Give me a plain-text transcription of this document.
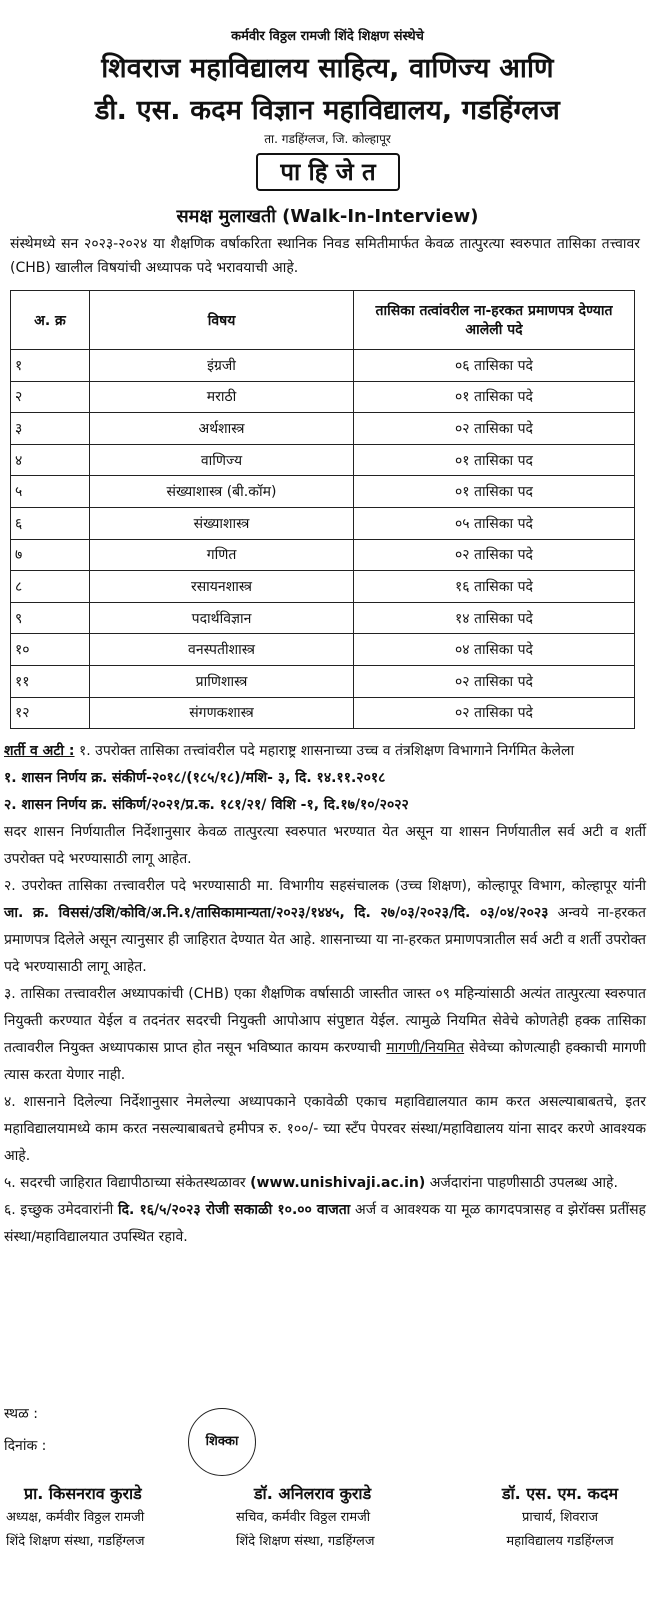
कर्मवीर विठ्ठल रामजी शिंदे शिक्षण संस्थेचे
शिवराज महाविद्यालय साहित्य, वाणिज्य आणि
डी. एस. कदम विज्ञान महाविद्यालय, गडहिंग्लज
ता. गडहिंग्लज, जि. कोल्हापूर
पा हि जे त
समक्ष मुलाखती (Walk-In-Interview)
संस्थेमध्ये सन २०२३-२०२४ या शैक्षणिक वर्षाकरिता स्थानिक निवड समितीमार्फत केवळ तात्पुरत्या स्वरुपात तासिका तत्त्वावर (CHB) खालील विषयांची अध्यापक पदे भरावयाची आहे.
अ. क्र	विषय	तासिका तत्वांवरील ना-हरकत प्रमाणपत्र देण्यात आलेली पदे
१	इंग्रजी	०६ तासिका पदे
२	मराठी	०१ तासिका पदे
३	अर्थशास्त्र	०२ तासिका पदे
४	वाणिज्य	०१ तासिका पद
५	संख्याशास्त्र (बी.कॉम)	०१ तासिका पद
६	संख्याशास्त्र	०५ तासिका पदे
७	गणित	०२ तासिका पदे
८	रसायनशास्त्र	१६ तासिका पदे
९	पदार्थविज्ञान	१४ तासिका पदे
१०	वनस्पतीशास्त्र	०४ तासिका पदे
११	प्राणिशास्त्र	०२ तासिका पदे
१२	संगणकशास्त्र	०२ तासिका पदे

शर्ती व अटी : १. उपरोक्त तासिका तत्त्वांवरील पदे महाराष्ट्र शासनाच्या उच्च व तंत्रशिक्षण विभागाने निर्गमित केलेला

१. शासन निर्णय क्र. संकीर्ण-२०१८/(१८५/१८)/मशि- ३, दि. १४.११.२०१८

२. शासन निर्णय क्र. संकिर्ण/२०२१/प्र.क. १८१/२१/ विशि -१, दि.१७/१०/२०२२

सदर शासन निर्णयातील निर्देशानुसार केवळ तात्पुरत्या स्वरुपात भरण्यात येत असून या शासन निर्णयातील सर्व अटी व शर्ती उपरोक्त पदे भरण्यासाठी लागू आहेत.

२. उपरोक्त तासिका तत्त्वावरील पदे भरण्यासाठी मा. विभागीय सहसंचालक (उच्च शिक्षण), कोल्हापूर विभाग, कोल्हापूर यांनी जा. क्र. विससं/उशि/कोवि/अ.नि.१/तासिकामान्यता/२०२३/१४४५, दि. २७/०३/२०२३/दि. ०३/०४/२०२३ अन्वये ना-हरकत प्रमाणपत्र दिलेले असून त्यानुसार ही जाहिरात देण्यात येत आहे. शासनाच्या या ना-हरकत प्रमाणपत्रातील सर्व अटी व शर्ती उपरोक्त पदे भरण्यासाठी लागू आहेत.

३. तासिका तत्त्वावरील अध्यापकांची (CHB) एका शैक्षणिक वर्षासाठी जास्तीत जास्त ०९ महिन्यांसाठी अत्यंत तात्पुरत्या स्वरुपात नियुक्ती करण्यात येईल व तदनंतर सदरची नियुक्ती आपोआप संपुष्टात येईल. त्यामुळे नियमित सेवेचे कोणतेही हक्क तासिका तत्वावरील नियुक्त अध्यापकास प्राप्त होत नसून भविष्यात कायम करण्याची मागणी/नियमित सेवेच्या कोणत्याही हक्काची मागणी त्यास करता येणार नाही.

४. शासनाने दिलेल्या निर्देशानुसार नेमलेल्या अध्यापकाने एकावेळी एकाच महाविद्यालयात काम करत असल्याबाबतचे, इतर महाविद्यालयामध्ये काम करत नसल्याबाबतचे हमीपत्र रु. १००/- च्या स्टॅंप पेपरवर संस्था/महाविद्यालय यांना सादर करणे आवश्यक आहे.

५. सदरची जाहिरात विद्यापीठाच्या संकेतस्थळावर (www.unishivaji.ac.in) अर्जदारांना पाहणीसाठी उपलब्ध आहे.

६. इच्छुक उमेदवारांनी दि. १६/५/२०२३ रोजी सकाळी १०.०० वाजता अर्ज व आवश्यक या मूळ कागदपत्रासह व झेरॉक्स प्रतींसह संस्था/महाविद्यालयात उपस्थित रहावे.

स्थळ :
दिनांक :	शिक्का
प्रा. किसनराव कुराडे
अध्यक्ष, कर्मवीर विठ्ठल रामजी
शिंदे शिक्षण संस्था, गडहिंग्लज
डॉ. अनिलराव कुराडे
सचिव, कर्मवीर विठ्ठल रामजी
शिंदे शिक्षण संस्था, गडहिंग्लज
डॉ. एस. एम. कदम
प्राचार्य, शिवराज
महाविद्यालय गडहिंग्लज
